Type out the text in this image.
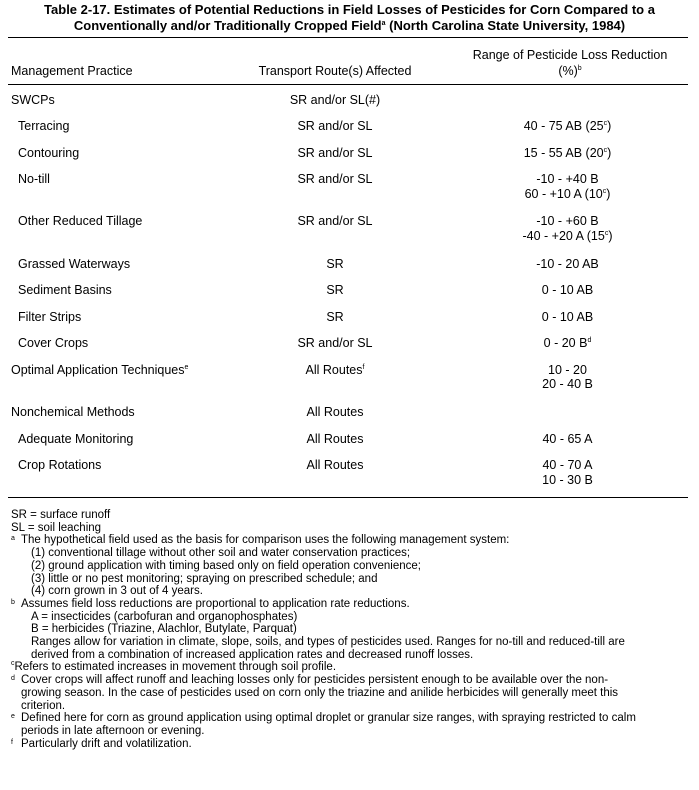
Table 2-17. Estimates of Potential Reductions in Field Losses of Pesticides for Corn Compared to a
Conventionally and/or Traditionally Cropped Field$^a$ (North Carolina State University, 1984)
Management Practice	Transport Route(s) Affected
Range of Pesticide Loss Reduction
(%)$^b$
SWCPs	SR and/or SL(#)
Terracing	SR and/or SL	40 - 75 AB (25$^c$)
Contouring	SR and/or SL	15 - 55 AB (20$^c$)
No-till	SR and/or SL	-10 - +40 B
60 - +10 A (10$^c$)
Other Reduced Tillage	SR and/or SL	-10 - +60 B
-40 - +20 A (15$^c$)
Grassed Waterways	SR	-10 - 20 AB
Sediment Basins	SR	0 - 10 AB
Filter Strips	SR	0 - 10 AB
Cover Crops	SR and/or SL	0 - 20 $B^d$
Optimal Application Techniques$^e$	All Routes$^f$	10 - 20
20 - 40 B
Nonchemical Methods	All Routes
Adequate Monitoring	All Routes	40 - 65 A
Crop Rotations	All Routes	40 - 70 A
10 - 30 B
SR = surface runoff
SL = soil leaching
a The hypothetical field used as the basis for comparison uses the following management system:
(1) conventional tillage without other soil and water conservation practices;
(2) ground application with timing based only on field operation convenience;
(3) little or no pest monitoring; spraying on prescribed schedule; and
(4) corn grown in 3 out of 4 years.
b Assumes field loss reductions are proportional to application rate reductions.
A = insecticides (carbofuran and organophosphates)
B = herbicides (Triazine, Alachlor, Butylate, Parquat)
Ranges allow for variation in climate, slope, soils, and types of pesticides used. Ranges for no-till and reduced-till are
derived from a combination of increased application rates and decreased runoff losses.
$^c$Refers to estimated increases in movement through soil profile.
d Cover crops will affect runoff and leaching losses only for pesticides persistent enough to be available over the non-
growing season. In the case of pesticides used on corn only the triazine and anilide herbicides will generally meet this
criterion.
e Defined here for corn as ground application using optimal droplet or granular size ranges, with spraying restricted to calm
periods in late afternoon or evening.
f Particularly drift and volatilization.
